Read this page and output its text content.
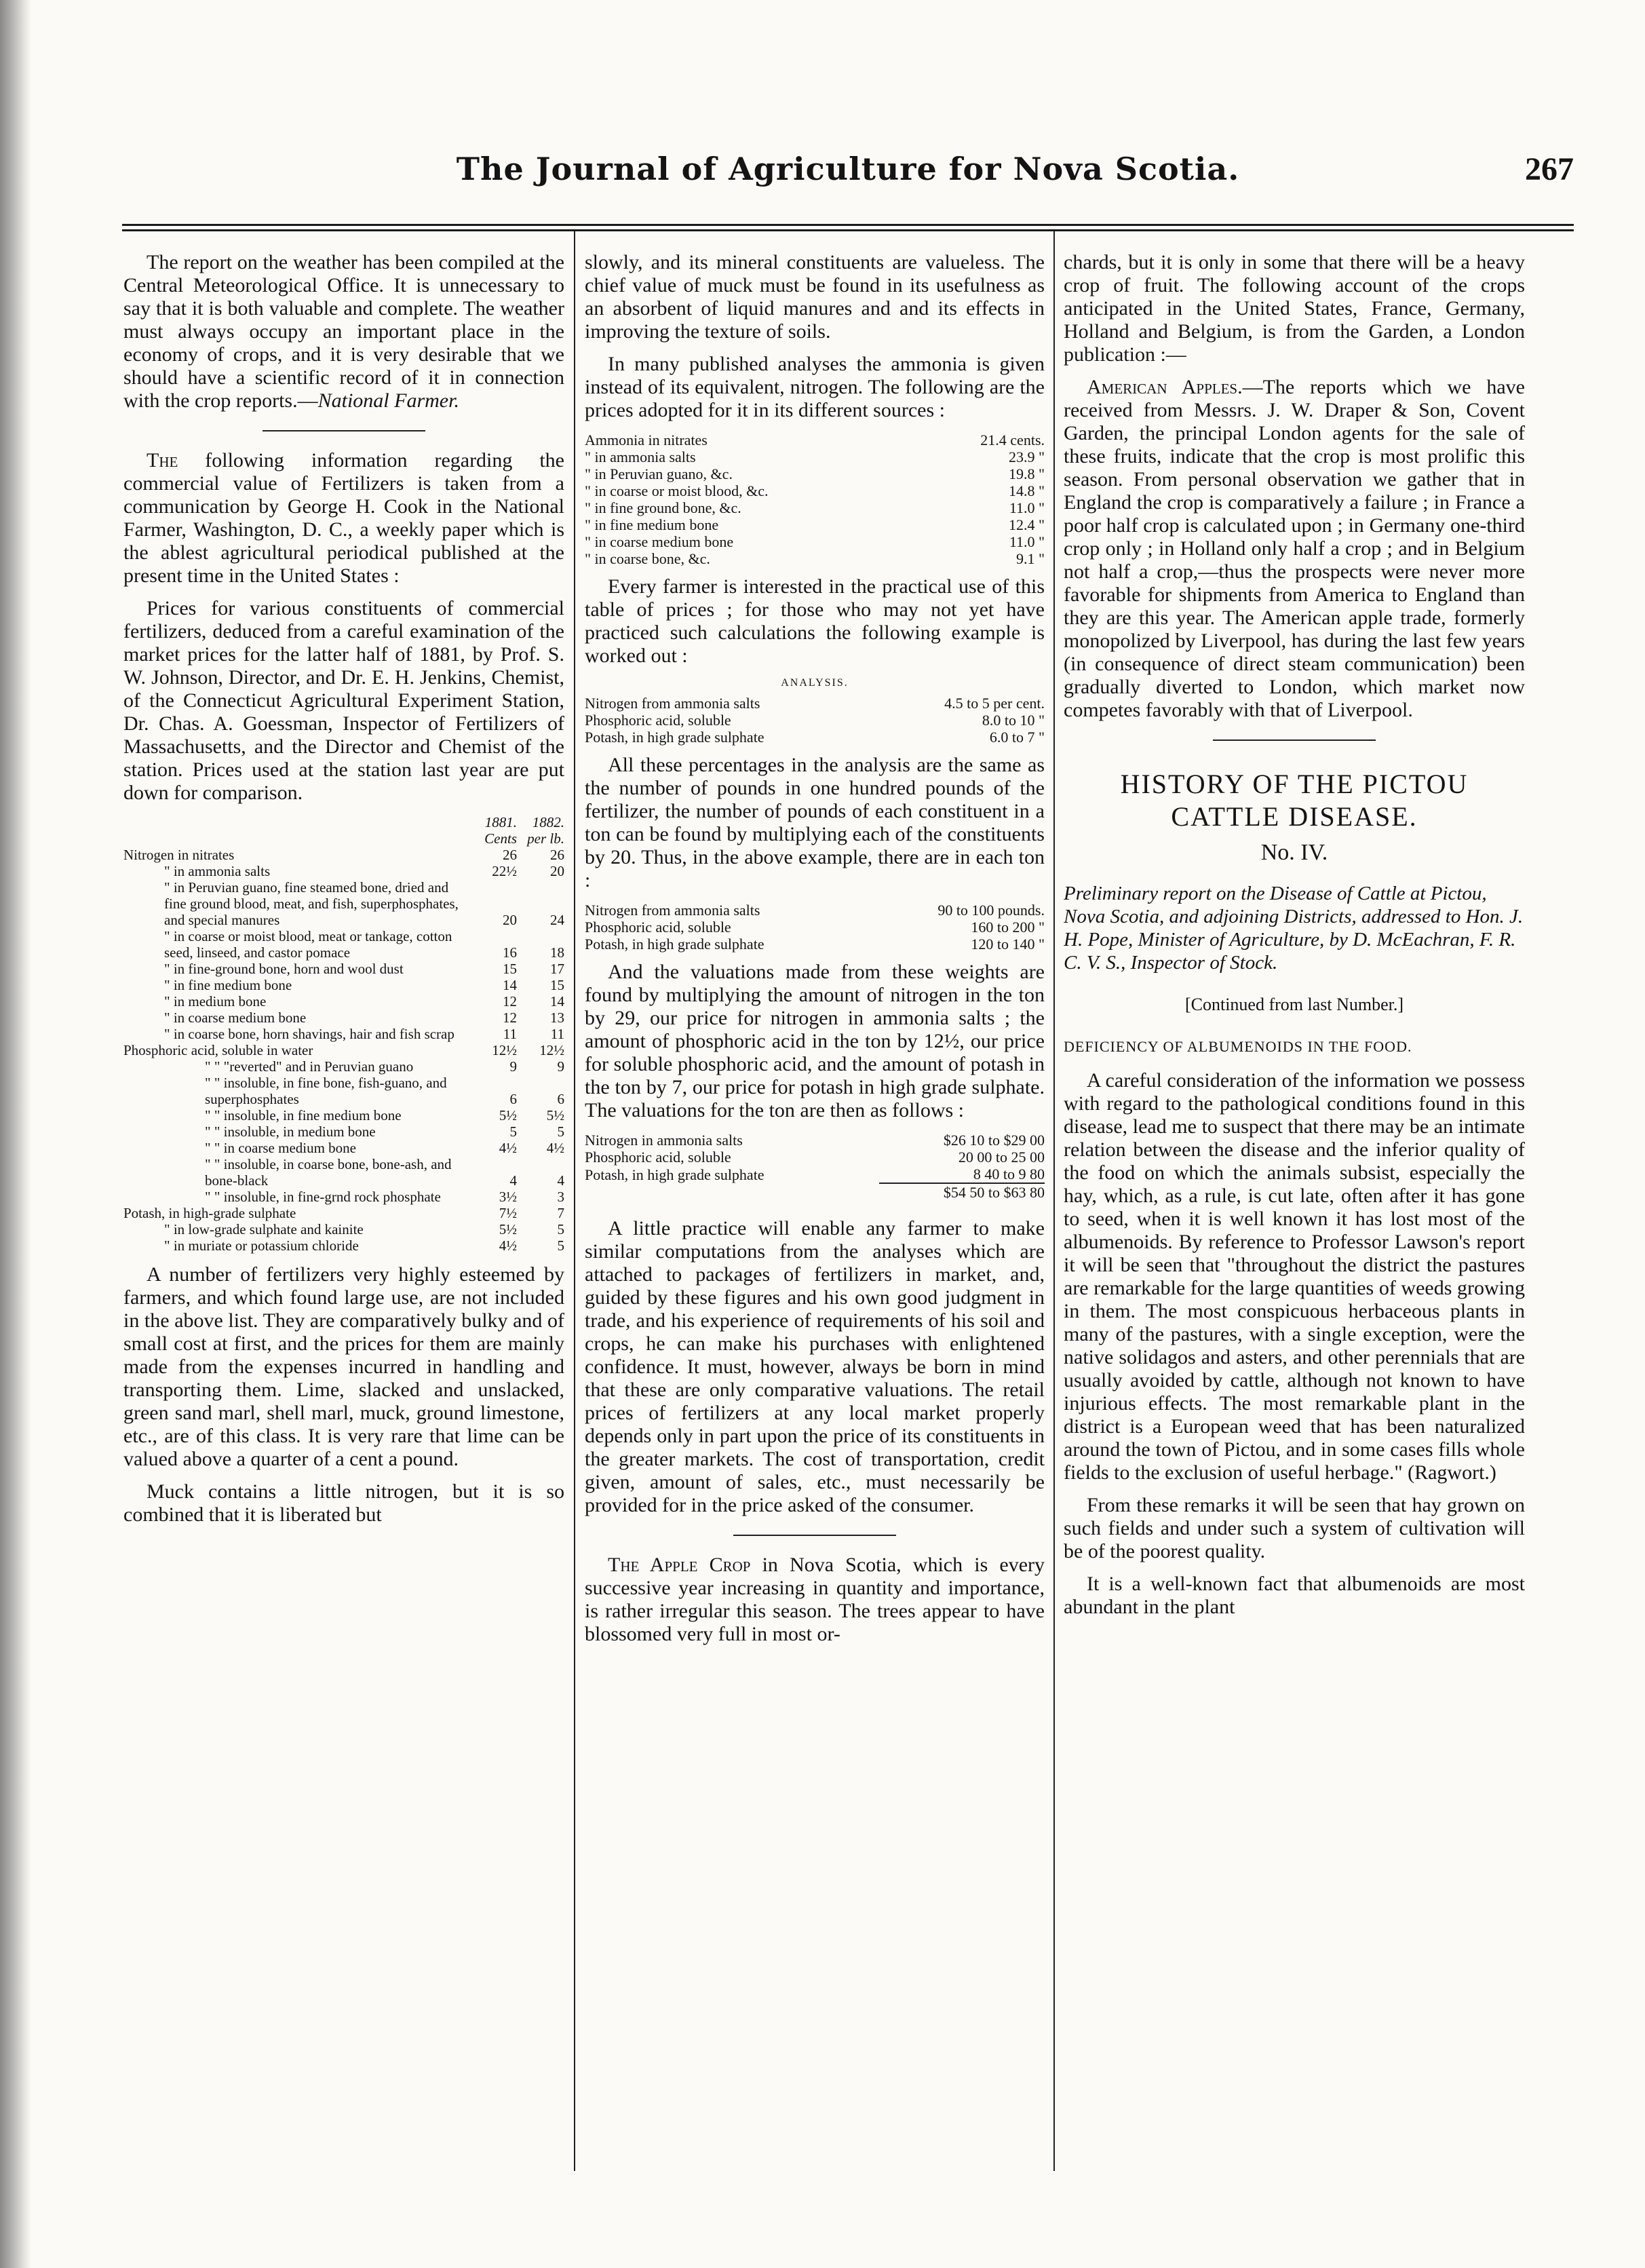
The Journal of Agriculture for Nova Scotia.	267

The report on the weather has been compiled at the Central Meteorological Office. It is unnecessary to say that it is both valuable and complete. The weather must always occupy an important place in the economy of crops, and it is very desirable that we should have a scientific record of it in connection with the crop reports.—National Farmer.

The following information regarding the commercial value of Fertilizers is taken from a communication by George H. Cook in the National Farmer, Washington, D. C., a weekly paper which is the ablest agricultural periodical published at the present time in the United States :

Prices for various constituents of commercial fertilizers, deduced from a careful examination of the market prices for the latter half of 1881, by Prof. S. W. Johnson, Director, and Dr. E. H. Jenkins, Chemist, of the Connecticut Agricultural Experiment Station, Dr. Chas. A. Goessman, Inspector of Fertilizers of Massachusetts, and the Director and Chemist of the station. Prices used at the station last year are put down for comparison.

	1881.	1882.
	Cents	per lb.
Nitrogen in nitrates	26	26
" in ammonia salts	22½	20
" in Peruvian guano, fine steamed bone, dried and fine ground blood, meat, and fish, superphosphates, and special manures	20	24
" in coarse or moist blood, meat or tankage, cotton seed, linseed, and castor pomace	16	18
" in fine-ground bone, horn and wool dust	15	17
" in fine medium bone	14	15
" in medium bone	12	14
" in coarse medium bone	12	13
" in coarse bone, horn shavings, hair and fish scrap	11	11
Phosphoric acid, soluble in water	12½	12½
" " "reverted" and in Peruvian guano	9	9
" " insoluble, in fine bone, fish-guano, and superphosphates	6	6
" " insoluble, in fine medium bone	5½	5½
" " insoluble, in medium bone	5	5
" " in coarse medium bone	4½	4½
" " insoluble, in coarse bone, bone-ash, and bone-black	4	4
" " insoluble, in fine-grnd rock phosphate	3½	3
Potash, in high-grade sulphate	7½	7
" in low-grade sulphate and kainite	5½	5
" in muriate or potassium chloride	4½	5

A number of fertilizers very highly esteemed by farmers, and which found large use, are not included in the above list. They are comparatively bulky and of small cost at first, and the prices for them are mainly made from the expenses incurred in handling and transporting them. Lime, slacked and unslacked, green sand marl, shell marl, muck, ground limestone, etc., are of this class. It is very rare that lime can be valued above a quarter of a cent a pound.

Muck contains a little nitrogen, but it is so combined that it is liberated but

slowly, and its mineral constituents are valueless. The chief value of muck must be found in its usefulness as an absorbent of liquid manures and and its effects in improving the texture of soils.

In many published analyses the ammonia is given instead of its equivalent, nitrogen. The following are the prices adopted for it in its different sources :

Ammonia in nitrates	21.4 cents.
" in ammonia salts	23.9 "
" in Peruvian guano, &c.	19.8 "
" in coarse or moist blood, &c.	14.8 "
" in fine ground bone, &c.	11.0 "
" in fine medium bone	12.4 "
" in coarse medium bone	11.0 "
" in coarse bone, &c.	9.1 "

Every farmer is interested in the practical use of this table of prices ; for those who may not yet have practiced such calculations the following example is worked out :

ANALYSIS.
Nitrogen from ammonia salts	4.5 to 5 per cent.
Phosphoric acid, soluble	8.0 to 10 "
Potash, in high grade sulphate	6.0 to 7 "

All these percentages in the analysis are the same as the number of pounds in one hundred pounds of the fertilizer, the number of pounds of each constituent in a ton can be found by multiplying each of the constituents by 20. Thus, in the above example, there are in each ton :

Nitrogen from ammonia salts	90 to 100 pounds.
Phosphoric acid, soluble	160 to 200 "
Potash, in high grade sulphate	120 to 140 "

And the valuations made from these weights are found by multiplying the amount of nitrogen in the ton by 29, our price for nitrogen in ammonia salts ; the amount of phosphoric acid in the ton by 12½, our price for soluble phosphoric acid, and the amount of potash in the ton by 7, our price for potash in high grade sulphate. The valuations for the ton are then as follows :

Nitrogen in ammonia salts	$26 10 to $29 00
Phosphoric acid, soluble	20 00 to 25 00
Potash, in high grade sulphate	8 40 to 9 80
	$54 50 to $63 80

A little practice will enable any farmer to make similar computations from the analyses which are attached to packages of fertilizers in market, and, guided by these figures and his own good judgment in trade, and his experience of requirements of his soil and crops, he can make his purchases with enlightened confidence. It must, however, always be born in mind that these are only comparative valuations. The retail prices of fertilizers at any local market properly depends only in part upon the price of its constituents in the greater markets. The cost of transportation, credit given, amount of sales, etc., must necessarily be provided for in the price asked of the consumer.

The Apple Crop in Nova Scotia, which is every successive year increasing in quantity and importance, is rather irregular this season. The trees appear to have blossomed very full in most or-

chards, but it is only in some that there will be a heavy crop of fruit. The following account of the crops anticipated in the United States, France, Germany, Holland and Belgium, is from the Garden, a London publication :—

American Apples.—The reports which we have received from Messrs. J. W. Draper & Son, Covent Garden, the principal London agents for the sale of these fruits, indicate that the crop is most prolific this season. From personal observation we gather that in England the crop is comparatively a failure ; in France a poor half crop is calculated upon ; in Germany one-third crop only ; in Holland only half a crop ; and in Belgium not half a crop,—thus the prospects were never more favorable for shipments from America to England than they are this year. The American apple trade, formerly monopolized by Liverpool, has during the last few years (in consequence of direct steam communication) been gradually diverted to London, which market now competes favorably with that of Liverpool.

HISTORY OF THE PICTOU CATTLE DISEASE.
No. IV.

Preliminary report on the Disease of Cattle at Pictou, Nova Scotia, and adjoining Districts, addressed to Hon. J. H. Pope, Minister of Agriculture, by D. McEachran, F. R. C. V. S., Inspector of Stock.

[Continued from last Number.]

DEFICIENCY OF ALBUMENOIDS IN THE FOOD.

A careful consideration of the information we possess with regard to the pathological conditions found in this disease, lead me to suspect that there may be an intimate relation between the disease and the inferior quality of the food on which the animals subsist, especially the hay, which, as a rule, is cut late, often after it has gone to seed, when it is well known it has lost most of the albumenoids. By reference to Professor Lawson's report it will be seen that "throughout the district the pastures are remarkable for the large quantities of weeds growing in them. The most conspicuous herbaceous plants in many of the pastures, with a single exception, were the native solidagos and asters, and other perennials that are usually avoided by cattle, although not known to have injurious effects. The most remarkable plant in the district is a European weed that has been naturalized around the town of Pictou, and in some cases fills whole fields to the exclusion of useful herbage." (Ragwort.)

From these remarks it will be seen that hay grown on such fields and under such a system of cultivation will be of the poorest quality.

It is a well-known fact that albumenoids are most abundant in the plant
